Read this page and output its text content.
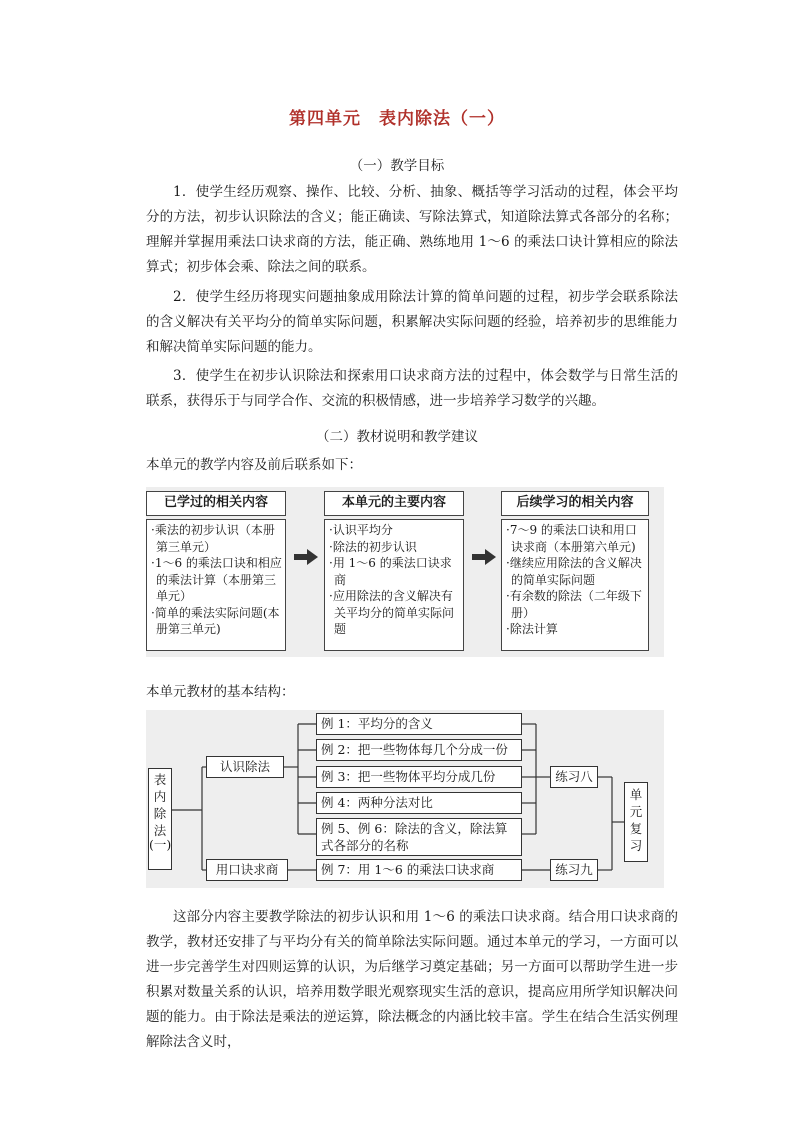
第四单元　表内除法（一）
（一）教学目标
1．使学生经历观察、操作、比较、分析、抽象、概括等学习活动的过程，体会平均分的方法，初步认识除法的含义；能正确读、写除法算式，知道除法算式各部分的名称；理解并掌握用乘法口诀求商的方法，能正确、熟练地用 1～6 的乘法口诀计算相应的除法算式；初步体会乘、除法之间的联系。
2．使学生经历将现实问题抽象成用除法计算的简单问题的过程，初步学会联系除法的含义解决有关平均分的简单实际问题，积累解决实际问题的经验，培养初步的思维能力和解决简单实际问题的能力。
3．使学生在初步认识除法和探索用口诀求商方法的过程中，体会数学与日常生活的联系，获得乐于与同学合作、交流的积极情感，进一步培养学习数学的兴趣。
（二）教材说明和教学建议
本单元的教学内容及前后联系如下：
已学过的相关内容
·乘法的初步认识（本册第三单元）
·1～6 的乘法口诀和相应的乘法计算（本册第三单元）
·简单的乘法实际问题(本册第三单元)
本单元的主要内容
·认识平均分
·除法的初步认识
·用 1～6 的乘法口诀求商
·应用除法的含义解决有关平均分的简单实际问题
后续学习的相关内容
·7～9 的乘法口诀和用口诀求商（本册第六单元)
·继续应用除法的含义解决的简单实际问题
·有余数的除法（二年级下册）
·除法计算
本单元教材的基本结构：
表
内
除
法
(一)
认识除法
用口诀求商
例 1：平均分的含义
例 2：把一些物体每几个分成一份
例 3：把一些物体平均分成几份
例 4：两种分法对比
例 5、例 6：除法的含义，除法算式各部分的名称
例 7：用 1～6 的乘法口诀求商
练习八
练习九
单
元
复
习
这部分内容主要教学除法的初步认识和用 1～6 的乘法口诀求商。结合用口诀求商的教学，教材还安排了与平均分有关的简单除法实际问题。通过本单元的学习，一方面可以进一步完善学生对四则运算的认识，为后继学习奠定基础；另一方面可以帮助学生进一步积累对数量关系的认识，培养用数学眼光观察现实生活的意识，提高应用所学知识解决问题的能力。由于除法是乘法的逆运算，除法概念的内涵比较丰富。学生在结合生活实例理解除法含义时，
